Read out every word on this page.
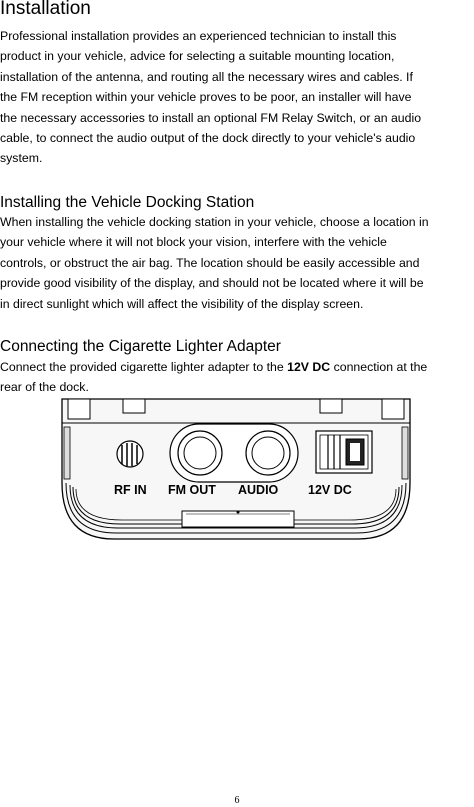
Installation
Professional installation provides an experienced technician to install this
product in your vehicle, advice for selecting a suitable mounting location,
installation of the antenna, and routing all the necessary wires and cables. If
the FM reception within your vehicle proves to be poor, an installer will have
the necessary accessories to install an optional FM Relay Switch, or an audio
cable, to connect the audio output of the dock directly to your vehicle's audio
system.
Installing the Vehicle Docking Station
When installing the vehicle docking station in your vehicle, choose a location in
your vehicle where it will not block your vision, interfere with the vehicle
controls, or obstruct the air bag. The location should be easily accessible and
provide good visibility of the display, and should not be located where it will be
in direct sunlight which will affect the visibility of the display screen.
Connecting the Cigarette Lighter Adapter
Connect the provided cigarette lighter adapter to the 12V DC connection at the
rear of the dock.
RF IN FM OUT AUDIO 12V DC
6
